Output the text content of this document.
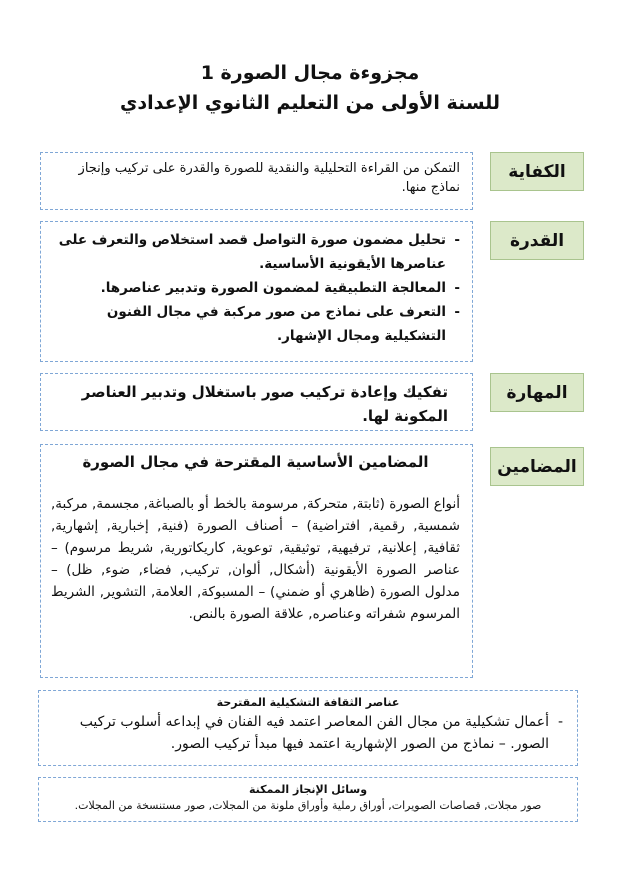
مجزوءة مجال الصورة 1
للسنة الأولى من التعليم الثانوي الإعدادي
الكفاية
التمكن من القراءة التحليلية والنقدية للصورة والقدرة على تركيب وإنجاز نماذج منها.
القدرة
- تحليل مضمون صورة التواصل قصد استخلاص والتعرف على عناصرها الأيقونية الأساسية.
- المعالجة التطبيقية لمضمون الصورة وتدبير عناصرها.
- التعرف على نماذج من صور مركبة في مجال الفنون التشكيلية ومجال الإشهار.
المهارة
تفكيك وإعادة تركيب صور باستغلال وتدبير العناصر المكونة لها.
المضامين
المضامين الأساسية المقترحة في مجال الصورة
أنواع الصورة (ثابتة, متحركة, مرسومة بالخط أو بالصباغة, مجسمة, مركبة, شمسية, رقمية, افتراضية) – أصناف الصورة (فنية, إخبارية, إشهارية, ثقافية, إعلانية, ترفيهية, توثيقية, توعوية, كاريكاتورية, شريط مرسوم) – عناصر الصورة الأيقونية (أشكال, ألوان, تركيب, فضاء, ضوء, ظل) – مدلول الصورة (ظاهري أو ضمني) – المسبوكة, العلامة, التشوير, الشريط المرسوم شفراته وعناصره, علاقة الصورة بالنص.
عناصر الثقافة التشكيلية المقترحة
- أعمال تشكيلية من مجال الفن المعاصر اعتمد فيه الفنان في إبداعه أسلوب تركيب الصور. – نماذج من الصور الإشهارية اعتمد فيها مبدأ تركيب الصور.
وسائل الإنجاز الممكنة
صور مجلات, قصاصات الصويرات, أوراق رملية وأوراق ملونة من المجلات, صور مستنسخة من المجلات.
